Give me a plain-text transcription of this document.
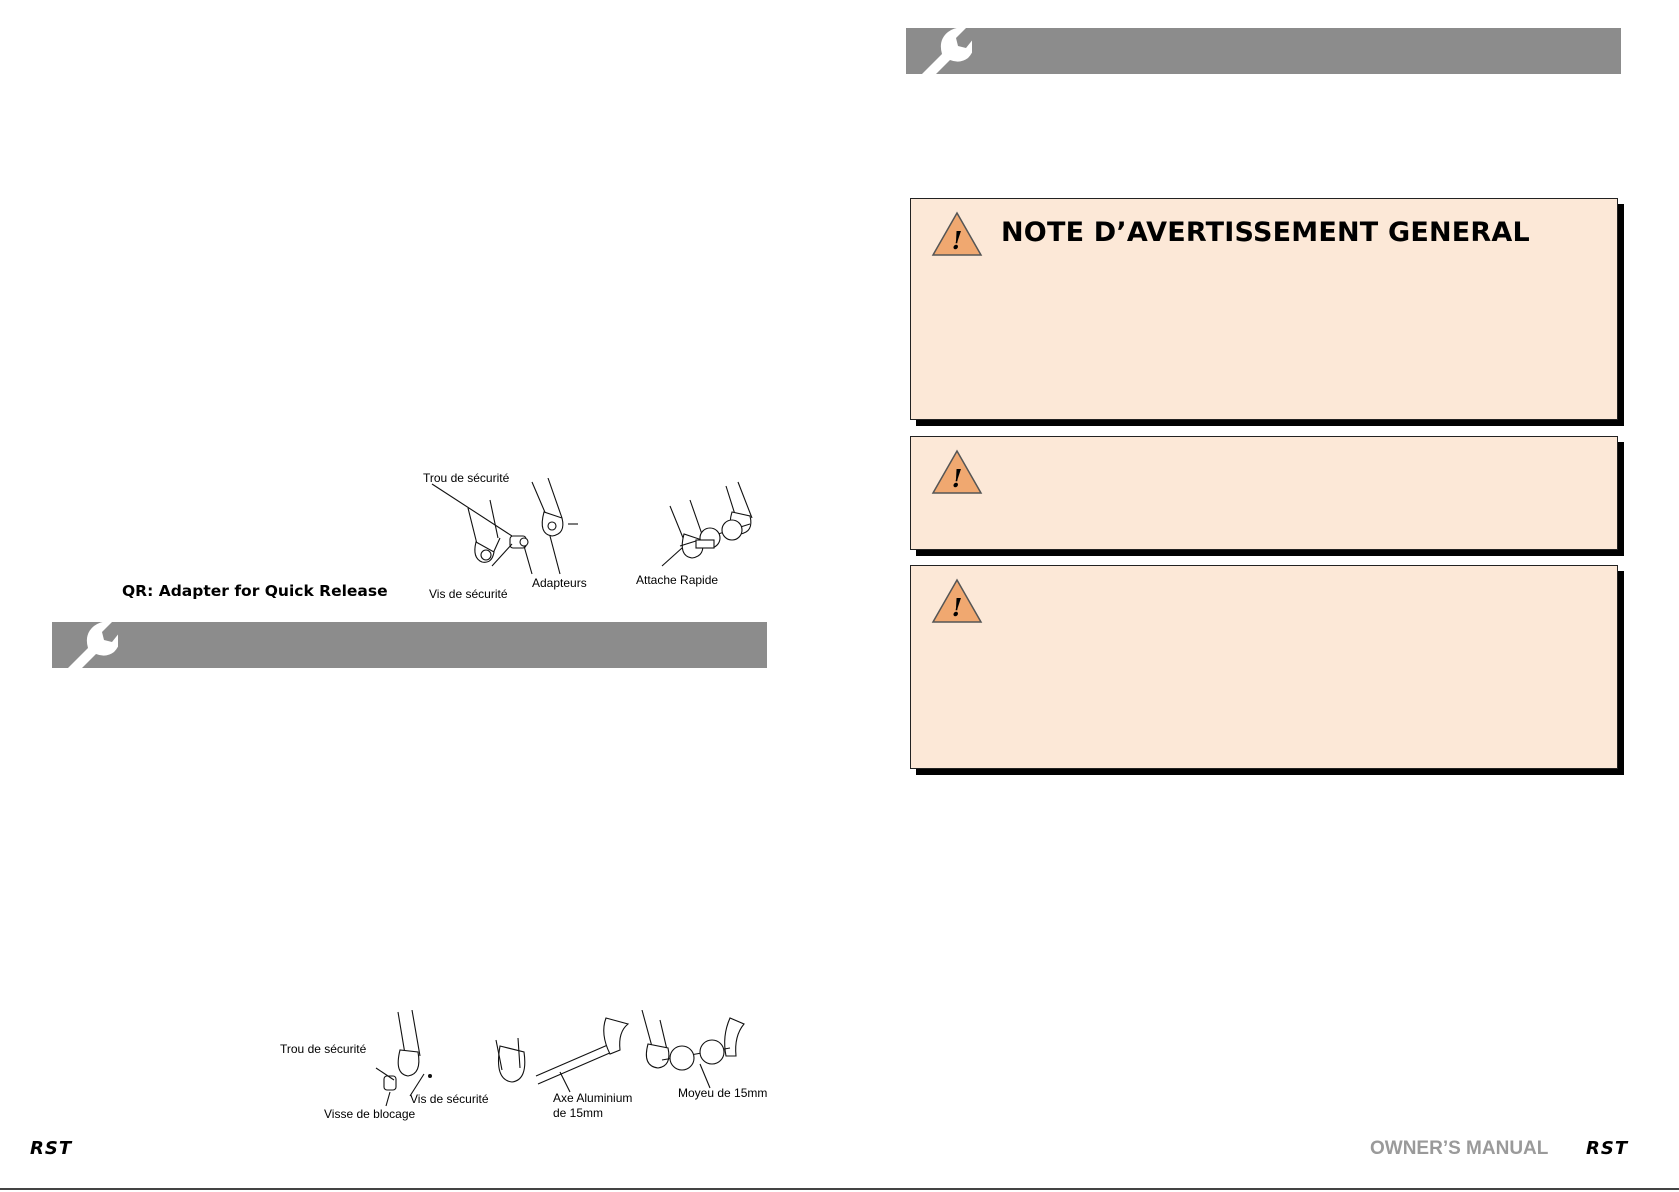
Trou de sécurité
Vis de sécurité
Adapteurs	Attache Rapide
QR: Adapter for Quick Release
Trou de sécurité
Vis de sécurité
Visse de blocage
Axe Aluminium
de 15mm
Moyeu de 15mm
RST
! NOTE D’AVERTISSEMENT GENERAL
!
!
OWNER’S MANUAL RST
